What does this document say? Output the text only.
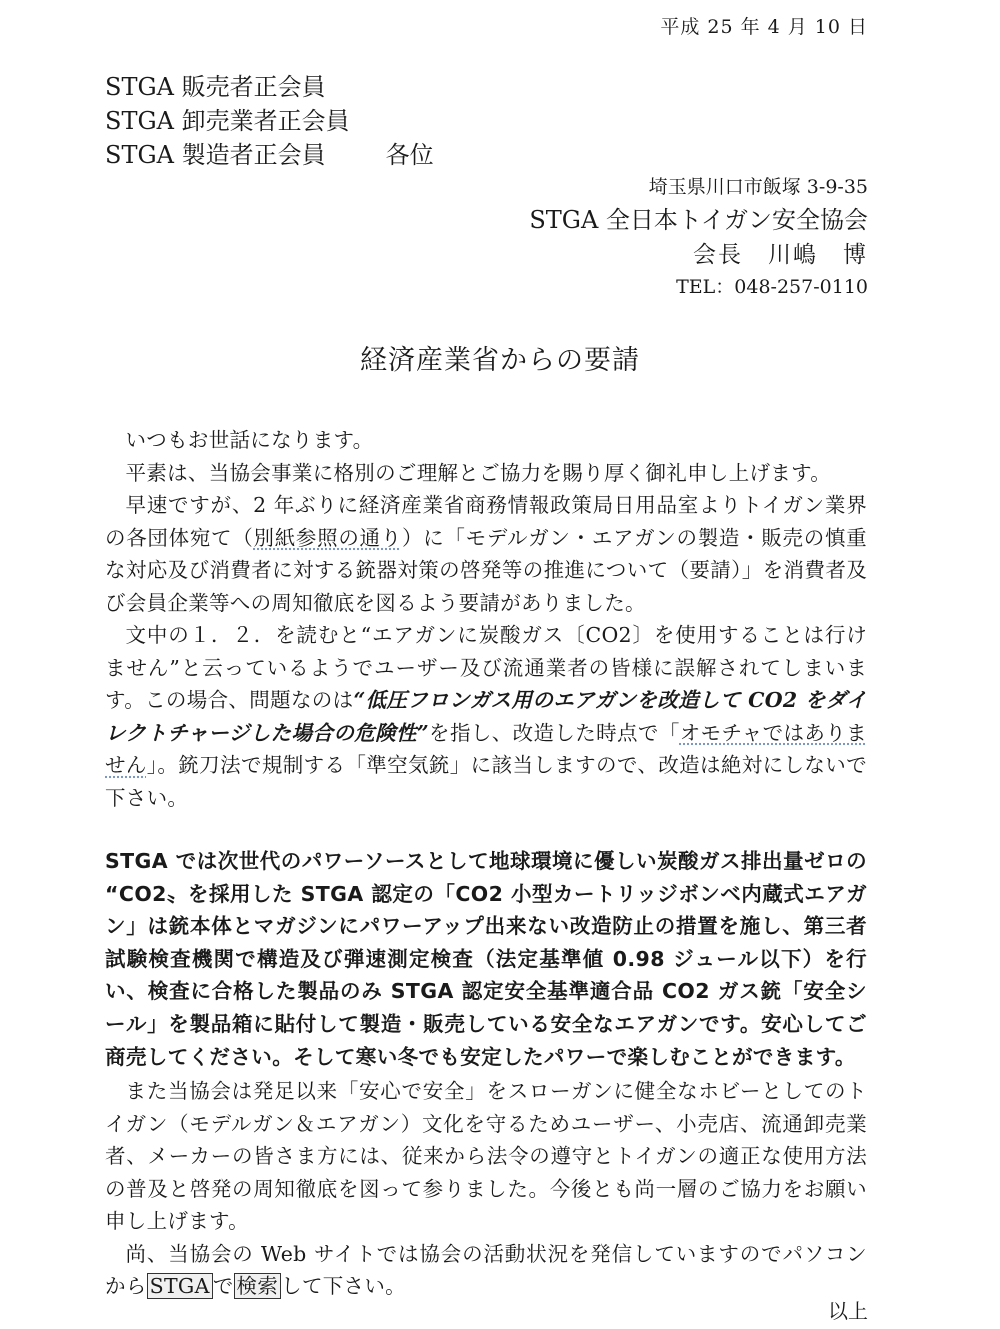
平成 25 年 4 月 10 日
STGA 販売者正会員
STGA 卸売業者正会員
STGA 製造者正会員	各位
埼玉県川口市飯塚 3-9-35
STGA 全日本トイガン安全協会
会長　川嶋　博
TEL：048-257-0110
経済産業省からの要請

いつもお世話になります。

平素は、当協会事業に格別のご理解とご協力を賜り厚く御礼申し上げます。

早速ですが、2 年ぶりに経済産業省商務情報政策局日用品室よりトイガン業界の各団体宛て（別紙参照の通り）に「モデルガン・エアガンの製造・販売の慎重な対応及び消費者に対する銃器対策の啓発等の推進について（要請）」を消費者及び会員企業等への周知徹底を図るよう要請がありました。

文中の１．２．を読むと“エアガンに炭酸ガス〔CO2〕を使用することは行けません”と云っているようでユーザー及び流通業者の皆様に誤解されてしまいます。この場合、問題なのは“低圧フロンガス用のエアガンを改造して CO2 をダイレクトチャージした場合の危険性”を指し、改造した時点で「オモチャではありません」。銃刀法で規制する「準空気銃」に該当しますので、改造は絶対にしないで下さい。

STGA では次世代のパワーソースとして地球環境に優しい炭酸ガス排出量ゼロの “CO2〟を採用した STGA 認定の「CO2 小型カートリッジボンベ内蔵式エアガン」は銃本体とマガジンにパワーアップ出来ない改造防止の措置を施し、第三者試験検査機関で構造及び弾速測定検査（法定基準値 0.98 ジュール以下）を行い、検査に合格した製品のみ STGA 認定安全基準適合品 CO2 ガス銃「安全シール」を製品箱に貼付して製造・販売している安全なエアガンです。安心してご商売してください。そして寒い冬でも安定したパワーで楽しむことができます。

また当協会は発足以来「安心で安全」をスローガンに健全なホビーとしてのトイガン（モデルガン＆エアガン）文化を守るためユーザー、小売店、流通卸売業者、メーカーの皆さま方には、従来から法令の遵守とトイガンの適正な使用方法の普及と啓発の周知徹底を図って参りました。今後とも尚一層のご協力をお願い申し上げます。

尚、当協会の Web サイトでは協会の活動状況を発信していますのでパソコンから STGA で 検索 して下さい。

以上
